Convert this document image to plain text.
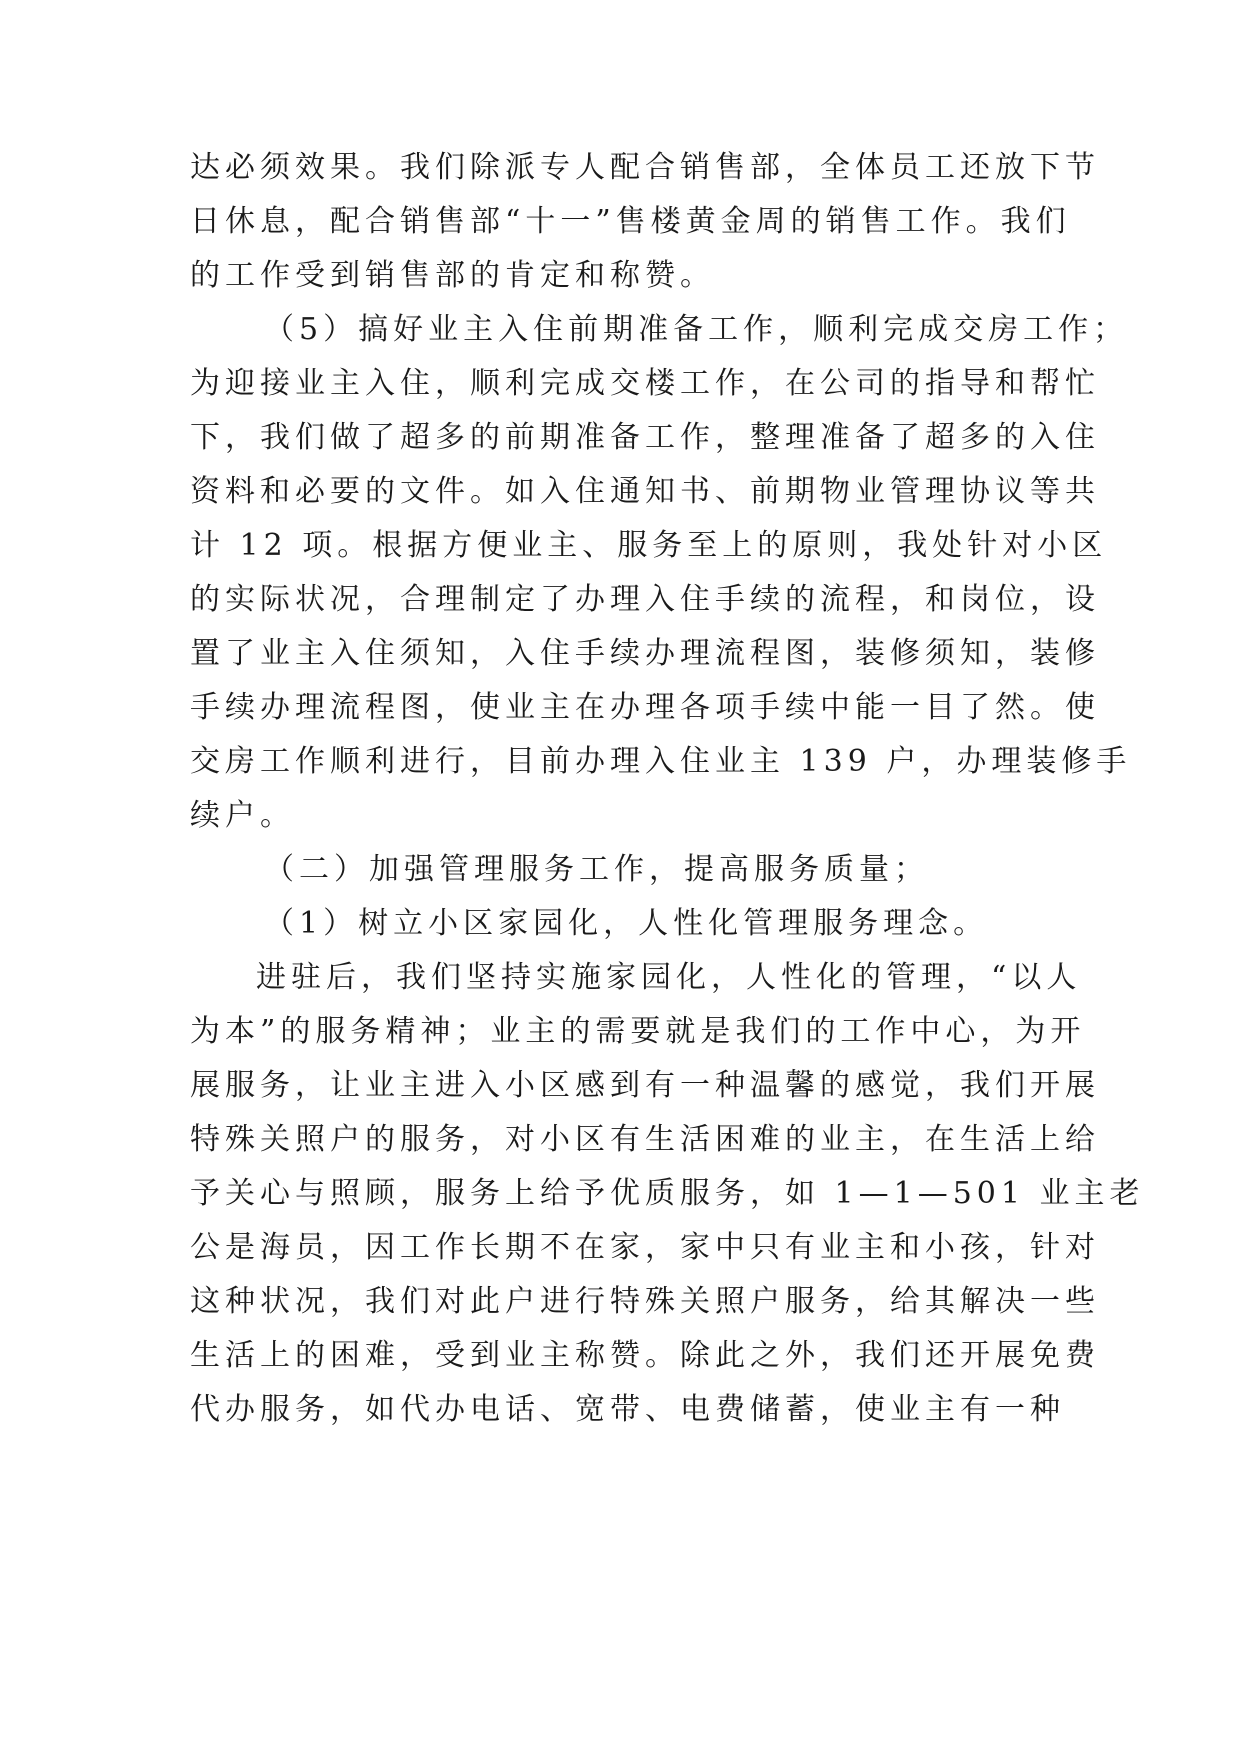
达必须效果。我们除派专人配合销售部，全体员工还放下节
日休息，配合销售部“十一”售楼黄金周的销售工作。我们
的工作受到销售部的肯定和称赞。
（5）搞好业主入住前期准备工作，顺利完成交房工作；
为迎接业主入住，顺利完成交楼工作，在公司的指导和帮忙
下，我们做了超多的前期准备工作，整理准备了超多的入住
资料和必要的文件。如入住通知书、前期物业管理协议等共
计 12 项。根据方便业主、服务至上的原则，我处针对小区
的实际状况，合理制定了办理入住手续的流程，和岗位，设
置了业主入住须知，入住手续办理流程图，装修须知，装修
手续办理流程图，使业主在办理各项手续中能一目了然。使
交房工作顺利进行，目前办理入住业主 139 户，办理装修手
续户。
（二）加强管理服务工作，提高服务质量；
（1）树立小区家园化，人性化管理服务理念。
进驻后，我们坚持实施家园化，人性化的管理，“以人
为本”的服务精神；业主的需要就是我们的工作中心，为开
展服务，让业主进入小区感到有一种温馨的感觉，我们开展
特殊关照户的服务，对小区有生活困难的业主，在生活上给
予关心与照顾，服务上给予优质服务，如 1—1—501 业主老
公是海员，因工作长期不在家，家中只有业主和小孩，针对
这种状况，我们对此户进行特殊关照户服务，给其解决一些
生活上的困难，受到业主称赞。除此之外，我们还开展免费
代办服务，如代办电话、宽带、电费储蓄，使业主有一种
